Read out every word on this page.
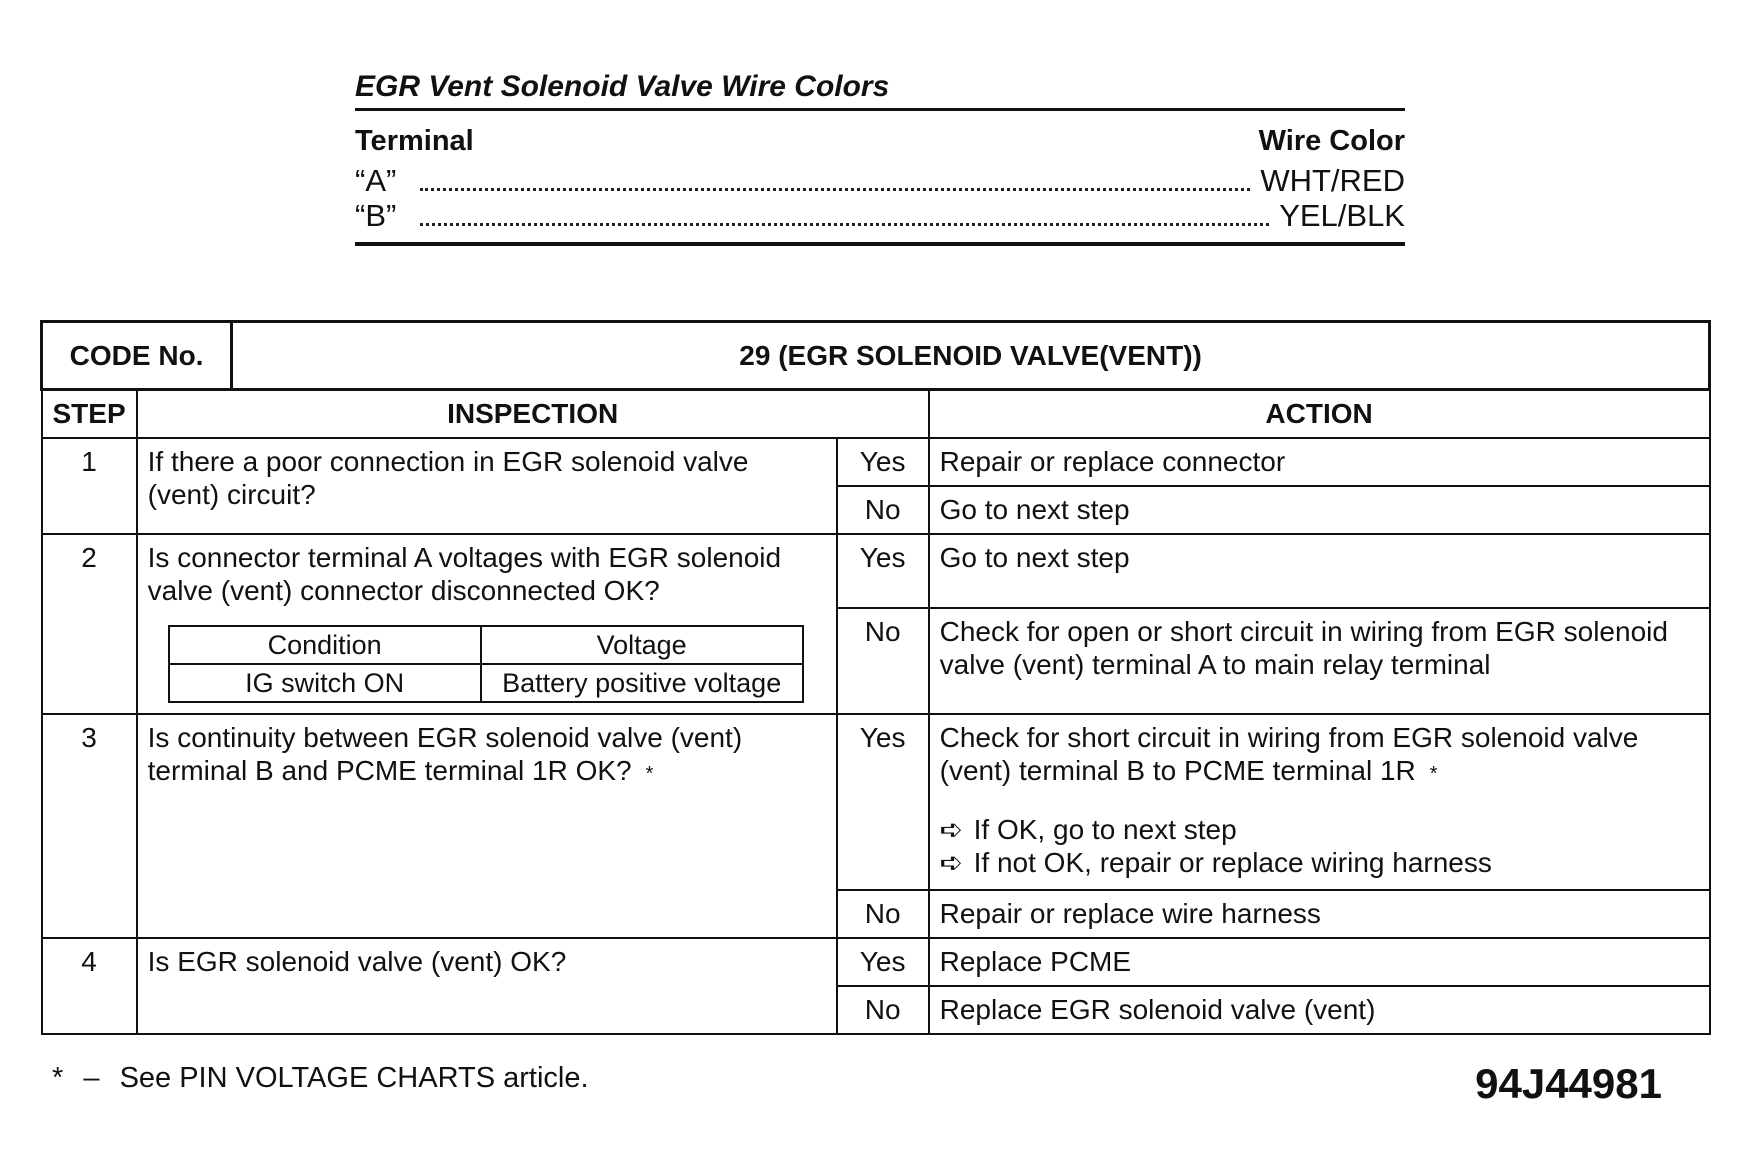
EGR Vent Solenoid Valve Wire Colors
Terminal	Wire Color
“A”	WHT/RED
“B”	YEL/BLK
CODE No.	29 (EGR SOLENOID VALVE(VENT))
STEP	INSPECTION	ACTION
1	If there a poor connection in EGR solenoid valve (vent) circuit?	Yes	Repair or replace connector
No	Go to next step
2	Is connector terminal A voltages with EGR solenoid valve (vent) connector disconnected OK?
Condition	Voltage
IG switch ON	Battery positive voltage
	Yes	Go to next step
No	Check for open or short circuit in wiring from EGR solenoid valve (vent) terminal A to main relay terminal
3	Is continuity between EGR solenoid valve (vent) terminal B and PCME terminal 1R OK? *	Yes	Check for short circuit in wiring from EGR solenoid valve (vent) terminal B to PCME terminal 1R *
➪ If OK, go to next step
➪ If not OK, repair or replace wiring harness

No	Repair or replace wire harness
4	Is EGR solenoid valve (vent) OK?	Yes	Replace PCME
No	Replace EGR solenoid valve (vent)
* – See PIN VOLTAGE CHARTS article.	94J44981
